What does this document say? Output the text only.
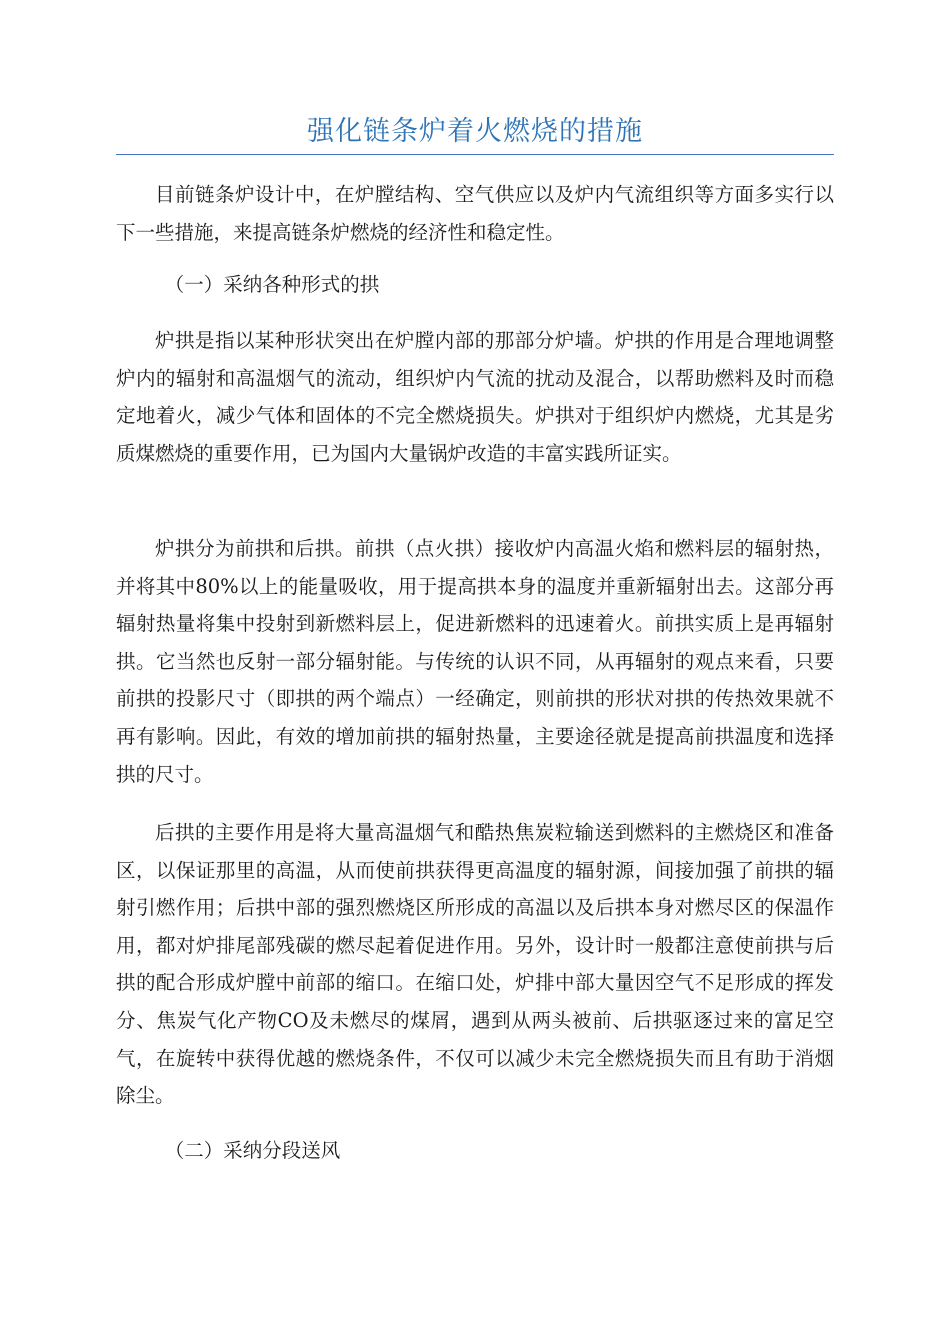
强化链条炉着火燃烧的措施

目前链条炉设计中，在炉膛结构、空气供应以及炉内气流组织等方面多实行以下一些措施，来提高链条炉燃烧的经济性和稳定性。

（一）采纳各种形式的拱

炉拱是指以某种形状突出在炉膛内部的那部分炉墙。炉拱的作用是合理地调整炉内的辐射和高温烟气的流动，组织炉内气流的扰动及混合，以帮助燃料及时而稳定地着火，减少气体和固体的不完全燃烧损失。炉拱对于组织炉内燃烧，尤其是劣质煤燃烧的重要作用，已为国内大量锅炉改造的丰富实践所证实。

炉拱分为前拱和后拱。前拱（点火拱）接收炉内高温火焰和燃料层的辐射热，并将其中80%以上的能量吸收，用于提高拱本身的温度并重新辐射出去。这部分再辐射热量将集中投射到新燃料层上，促进新燃料的迅速着火。前拱实质上是再辐射拱。它当然也反射一部分辐射能。与传统的认识不同，从再辐射的观点来看，只要前拱的投影尺寸（即拱的两个端点）一经确定，则前拱的形状对拱的传热效果就不再有影响。因此，有效的增加前拱的辐射热量，主要途径就是提高前拱温度和选择拱的尺寸。

后拱的主要作用是将大量高温烟气和酷热焦炭粒输送到燃料的主燃烧区和准备区，以保证那里的高温，从而使前拱获得更高温度的辐射源，间接加强了前拱的辐射引燃作用；后拱中部的强烈燃烧区所形成的高温以及后拱本身对燃尽区的保温作用，都对炉排尾部残碳的燃尽起着促进作用。另外，设计时一般都注意使前拱与后拱的配合形成炉膛中前部的缩口。在缩口处，炉排中部大量因空气不足形成的挥发分、焦炭气化产物CO及未燃尽的煤屑，遇到从两头被前、后拱驱逐过来的富足空气，在旋转中获得优越的燃烧条件，不仅可以减少未完全燃烧损失而且有助于消烟除尘。

（二）采纳分段送风
